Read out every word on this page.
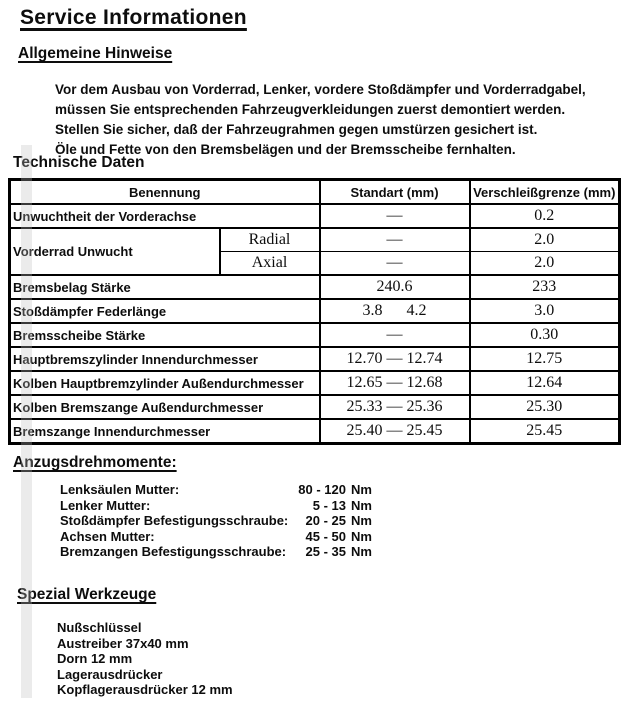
Service Informationen
Allgemeine Hinweise
Vor dem Ausbau von Vorderrad, Lenker, vordere Stoßdämpfer und Vorderradgabel,
müssen Sie entsprechenden Fahrzeugverkleidungen zuerst demontiert werden.
Stellen Sie sicher, daß der Fahrzeugrahmen gegen umstürzen gesichert ist.
Öle und Fette von den Bremsbelägen und der Bremsscheibe fernhalten.
Technische Daten
Benennung		Standart (mm)	Verschleißgrenze (mm)
Unwuchtheit der Vorderachse		—	0.2
Vorderrad Unwucht	Radial	—	2.0
	Axial	—	2.0
Bremsbelag Stärke		240.6	233
Stoßdämpfer Federlänge		3.8      4.2	3.0
Bremsscheibe Stärke		—	0.30
Hauptbremszylinder Innendurchmesser		12.70 — 12.74	12.75
Kolben Hauptbremzylinder Außendurchmesser		12.65 — 12.68	12.64
Kolben Bremszange Außendurchmesser		25.33 — 25.36	25.30
Bremszange Innendurchmesser		25.40 — 25.45	25.45
Anzugsdrehmomente:
Lenksäulen Mutter:	80 - 120 Nm
Lenker Mutter:	5 - 13 Nm
Stoßdämpfer Befestigungsschraube: 20 - 25 Nm
Achsen Mutter:	45 - 50 Nm
Bremzangen Befestigungsschraube: 25 - 35 Nm
Spezial Werkzeuge
Nußschlüssel
Austreiber 37x40 mm
Dorn 12 mm
Lagerausdrücker
Kopflagerausdrücker 12 mm
